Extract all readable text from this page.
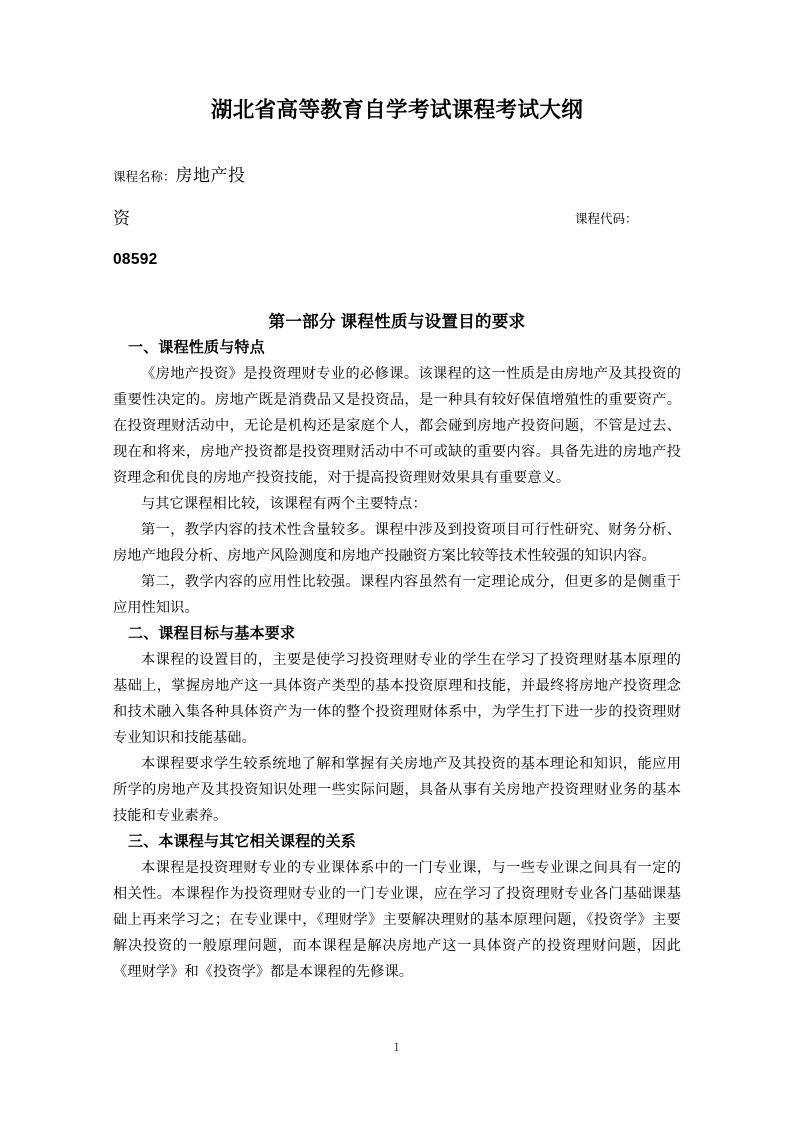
湖北省高等教育自学考试课程考试大纲
课程名称：房地产投
资	课程代码：
08592
第一部分 课程性质与设置目的要求
一、课程性质与特点

《房地产投资》是投资理财专业的必修课。该课程的这一性质是由房地产及其投资的重要性决定的。房地产既是消费品又是投资品，是一种具有较好保值增殖性的重要资产。在投资理财活动中，无论是机构还是家庭个人，都会碰到房地产投资问题，不管是过去、现在和将来，房地产投资都是投资理财活动中不可或缺的重要内容。具备先进的房地产投资理念和优良的房地产投资技能，对于提高投资理财效果具有重要意义。

与其它课程相比较，该课程有两个主要特点：

第一，教学内容的技术性含量较多。课程中涉及到投资项目可行性研究、财务分析、房地产地段分析、房地产风险测度和房地产投融资方案比较等技术性较强的知识内容。

第二，教学内容的应用性比较强。课程内容虽然有一定理论成分，但更多的是侧重于应用性知识。

二、课程目标与基本要求

本课程的设置目的，主要是使学习投资理财专业的学生在学习了投资理财基本原理的基础上，掌握房地产这一具体资产类型的基本投资原理和技能，并最终将房地产投资理念和技术融入集各种具体资产为一体的整个投资理财体系中，为学生打下进一步的投资理财专业知识和技能基础。

本课程要求学生较系统地了解和掌握有关房地产及其投资的基本理论和知识，能应用所学的房地产及其投资知识处理一些实际问题，具备从事有关房地产投资理财业务的基本技能和专业素养。

三、本课程与其它相关课程的关系

本课程是投资理财专业的专业课体系中的一门专业课，与一些专业课之间具有一定的相关性。本课程作为投资理财专业的一门专业课，应在学习了投资理财专业各门基础课基础上再来学习之；在专业课中，《理财学》主要解决理财的基本原理问题，《投资学》主要解决投资的一般原理问题，而本课程是解决房地产这一具体资产的投资理财问题，因此《理财学》和《投资学》都是本课程的先修课。

1
